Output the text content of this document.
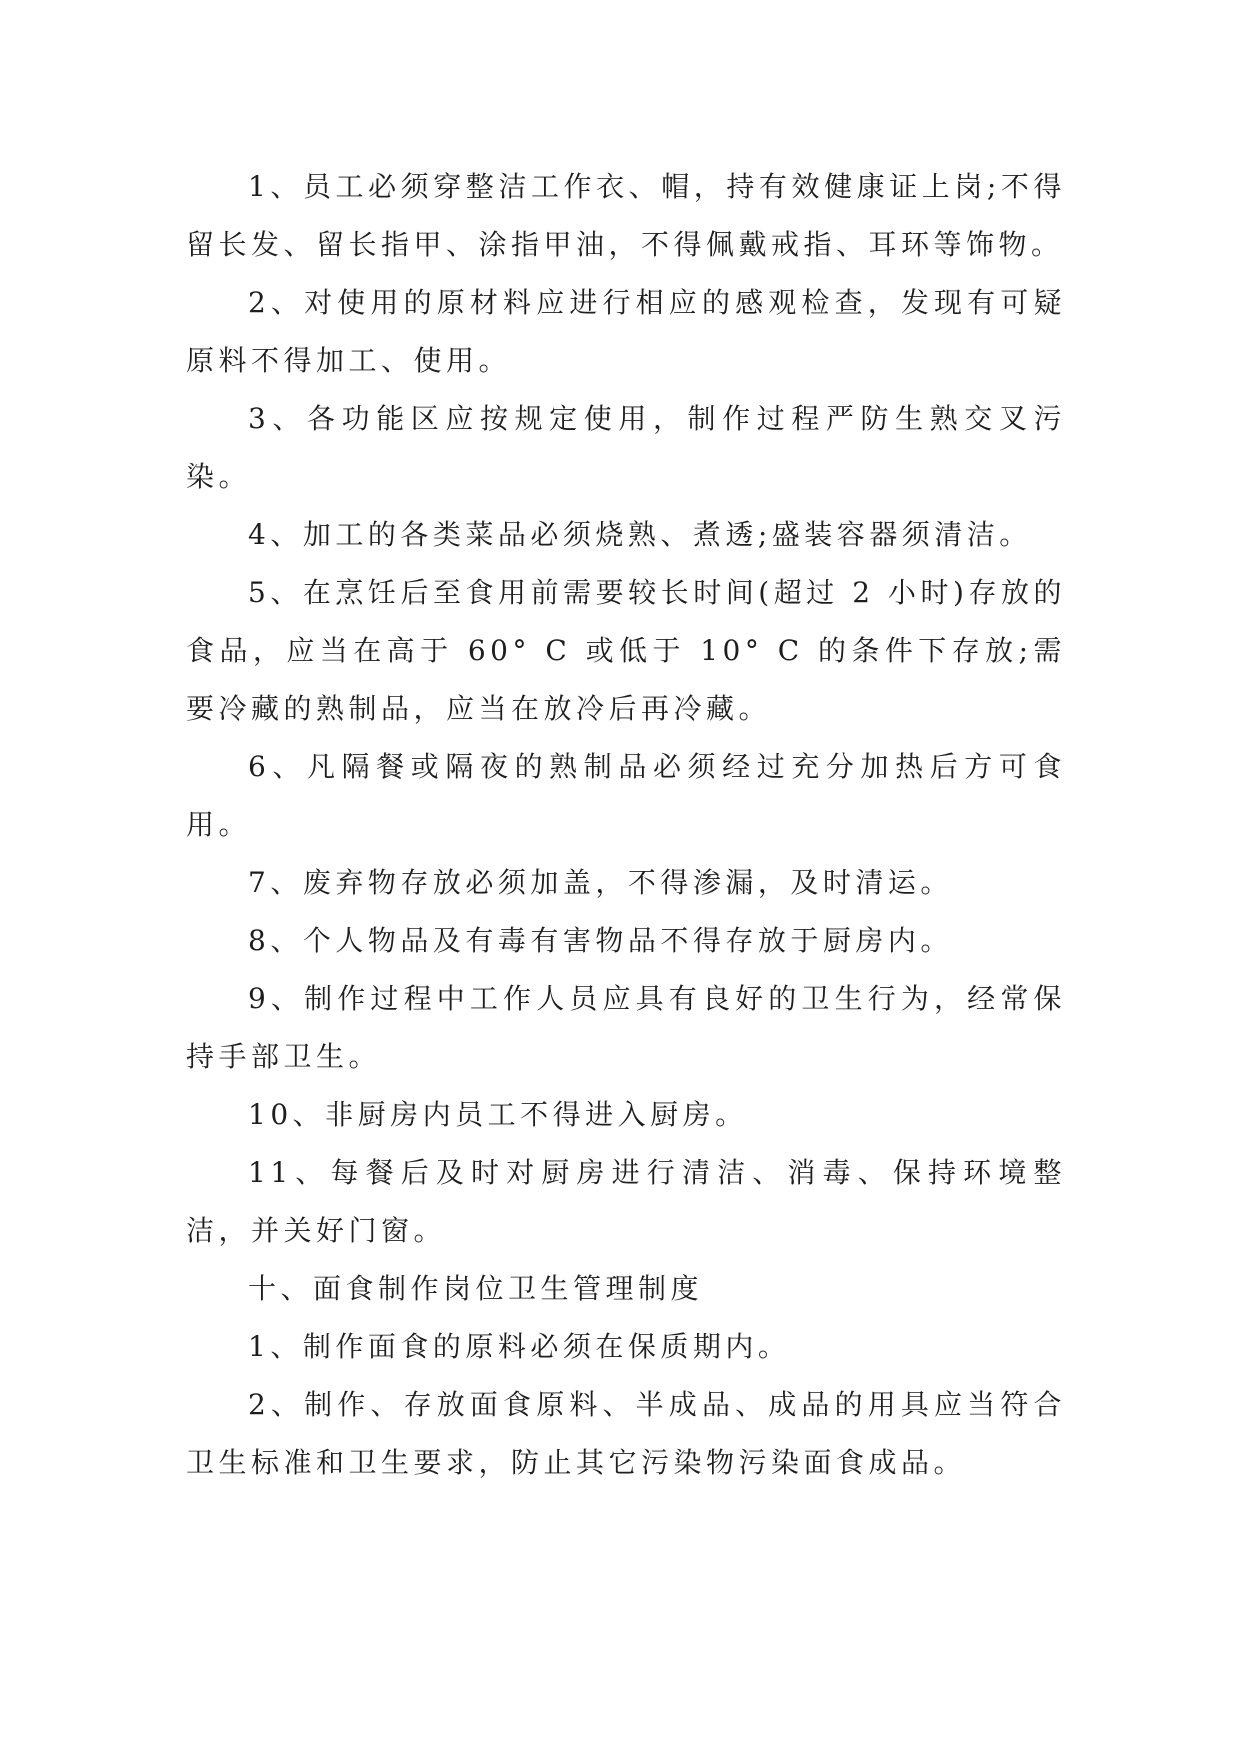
1、员工必须穿整洁工作衣、帽，持有效健康证上岗;不得留长发、留长指甲、涂指甲油，不得佩戴戒指、耳环等饰物。

2、对使用的原材料应进行相应的感观检查，发现有可疑原料不得加工、使用。

3、各功能区应按规定使用，制作过程严防生熟交叉污染。

4、加工的各类菜品必须烧熟、煮透;盛装容器须清洁。

5、在烹饪后至食用前需要较长时间(超过 2 小时)存放的食品，应当在高于 60° C 或低于 10° C 的条件下存放;需要冷藏的熟制品，应当在放冷后再冷藏。

6、凡隔餐或隔夜的熟制品必须经过充分加热后方可食用。

7、废弃物存放必须加盖，不得渗漏，及时清运。

8、个人物品及有毒有害物品不得存放于厨房内。

9、制作过程中工作人员应具有良好的卫生行为，经常保持手部卫生。

10、非厨房内员工不得进入厨房。

11、每餐后及时对厨房进行清洁、消毒、保持环境整洁，并关好门窗。

十、面食制作岗位卫生管理制度

1、制作面食的原料必须在保质期内。

2、制作、存放面食原料、半成品、成品的用具应当符合卫生标准和卫生要求，防止其它污染物污染面食成品。
